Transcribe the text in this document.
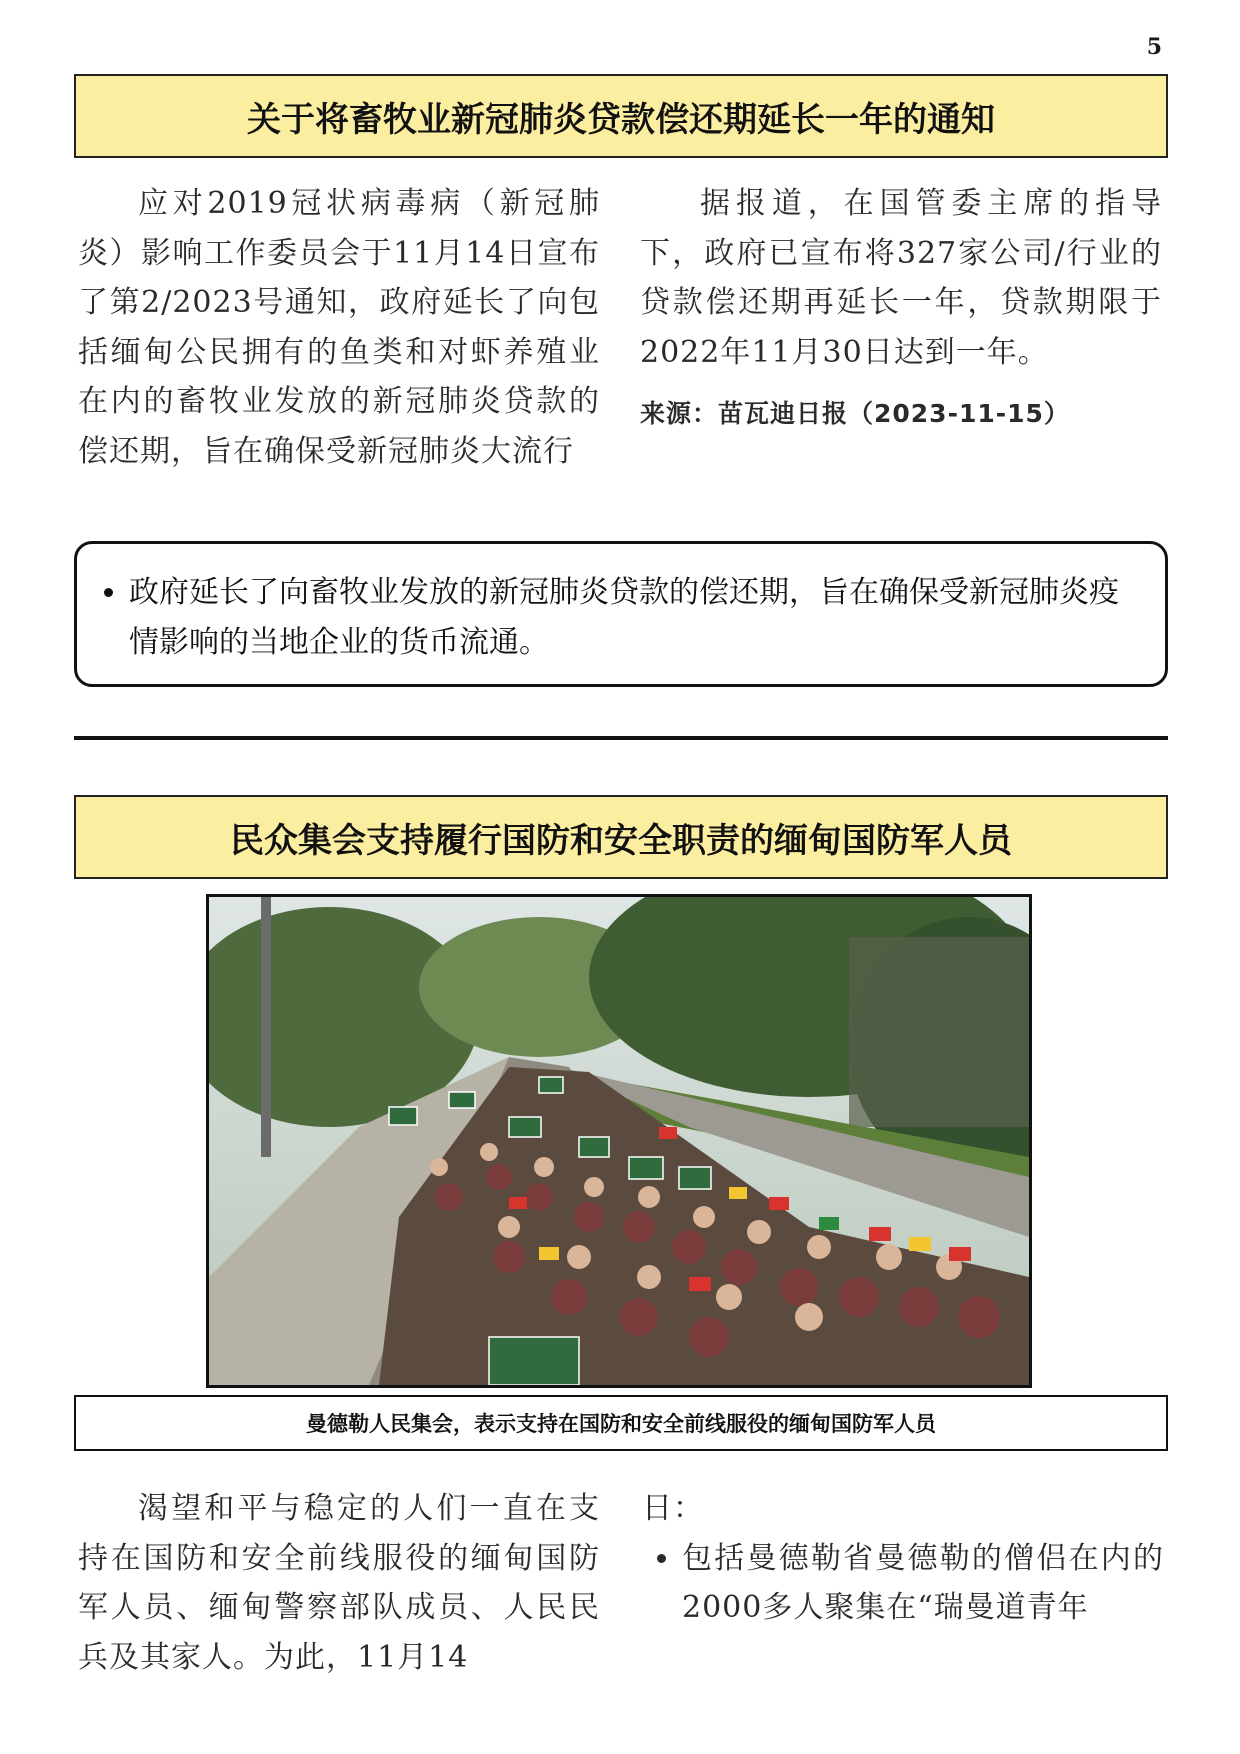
5
关于将畜牧业新冠肺炎贷款偿还期延长一年的通知

应对2019冠状病毒病（新冠肺炎）影响工作委员会于11月14日宣布了第2/2023号通知，政府延长了向包括缅甸公民拥有的鱼类和对虾养殖业在内的畜牧业发放的新冠肺炎贷款的偿还期，旨在确保受新冠肺炎大流行

据报道，在国管委主席的指导下，政府已宣布将327家公司/行业的贷款偿还期再延长一年，贷款期限于2022年11月30日达到一年。

来源：苗瓦迪日报（2023-11-15）

• 政府延长了向畜牧业发放的新冠肺炎贷款的偿还期，旨在确保受新冠肺炎疫情影响的当地企业的货币流通。
民众集会支持履行国防和安全职责的缅甸国防军人员
曼德勒人民集会，表示支持在国防和安全前线服役的缅甸国防军人员

渴望和平与稳定的人们一直在支持在国防和安全前线服役的缅甸国防军人员、缅甸警察部队成员、人民民兵及其家人。为此，11月14

日：

• 包括曼德勒省曼德勒的僧侣在内的2000多人聚集在“瑞曼道青年
